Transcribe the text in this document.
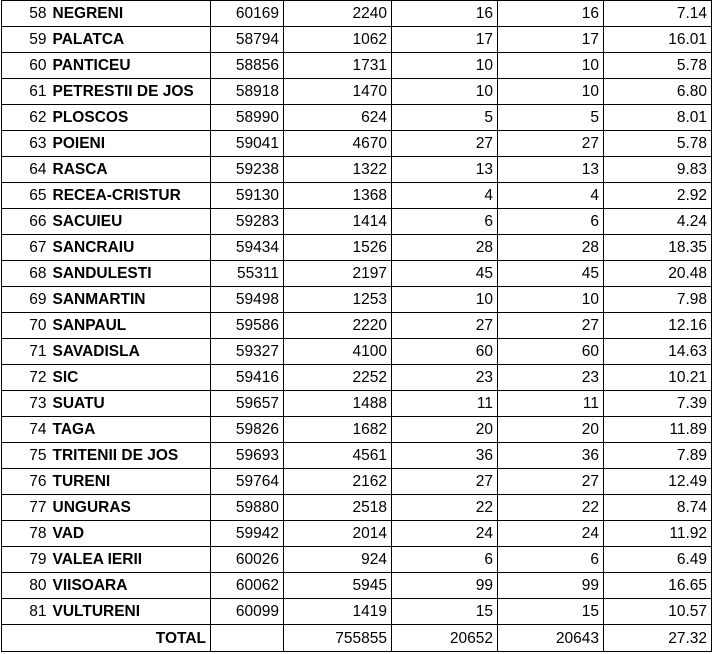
58	NEGRENI	60169	2240	16	16	7.14
59	PALATCA	58794	1062	17	17	16.01
60	PANTICEU	58856	1731	10	10	5.78
61	PETRESTII DE JOS	58918	1470	10	10	6.80
62	PLOSCOS	58990	624	5	5	8.01
63	POIENI	59041	4670	27	27	5.78
64	RASCA	59238	1322	13	13	9.83
65	RECEA-CRISTUR	59130	1368	4	4	2.92
66	SACUIEU	59283	1414	6	6	4.24
67	SANCRAIU	59434	1526	28	28	18.35
68	SANDULESTI	55311	2197	45	45	20.48
69	SANMARTIN	59498	1253	10	10	7.98
70	SANPAUL	59586	2220	27	27	12.16
71	SAVADISLA	59327	4100	60	60	14.63
72	SIC	59416	2252	23	23	10.21
73	SUATU	59657	1488	11	11	7.39
74	TAGA	59826	1682	20	20	11.89
75	TRITENII DE JOS	59693	4561	36	36	7.89
76	TURENI	59764	2162	27	27	12.49
77	UNGURAS	59880	2518	22	22	8.74
78	VAD	59942	2014	24	24	11.92
79	VALEA IERII	60026	924	6	6	6.49
80	VIISOARA	60062	5945	99	99	16.65
81	VULTURENI	60099	1419	15	15	10.57
	TOTAL		755855	20652	20643	27.32
